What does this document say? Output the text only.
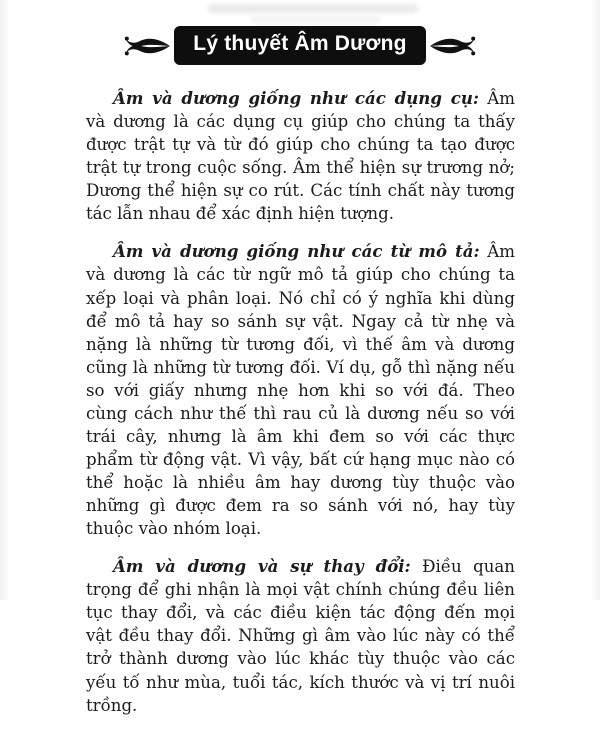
Lý thuyết Âm Dương

Âm và dương giống như các dụng cụ: Âm và dương là các dụng cụ giúp cho chúng ta thấy được trật tự và từ đó giúp cho chúng ta tạo được trật tự trong cuộc sống. Âm thể hiện sự trương nở; Dương thể hiện sự co rút. Các tính chất này tương tác lẫn nhau để xác định hiện tượng.

Âm và dương giống như các từ mô tả: Âm và dương là các từ ngữ mô tả giúp cho chúng ta xếp loại và phân loại. Nó chỉ có ý nghĩa khi dùng để mô tả hay so sánh sự vật. Ngay cả từ nhẹ và nặng là những từ tương đối, vì thế âm và dương cũng là những từ tương đối. Ví dụ, gỗ thì nặng nếu so với giấy nhưng nhẹ hơn khi so với đá. Theo cùng cách như thế thì rau củ là dương nếu so với trái cây, nhưng là âm khi đem so với các thực phẩm từ động vật. Vì vậy, bất cứ hạng mục nào có thể hoặc là nhiều âm hay dương tùy thuộc vào những gì được đem ra so sánh với nó, hay tùy thuộc vào nhóm loại.

Âm và dương và sự thay đổi: Điều quan trọng để ghi nhận là mọi vật chính chúng đều liên tục thay đổi, và các điều kiện tác động đến mọi vật đều thay đổi. Những gì âm vào lúc này có thể trở thành dương vào lúc khác tùy thuộc vào các yếu tố như mùa, tuổi tác, kích thước và vị trí nuôi trồng.
